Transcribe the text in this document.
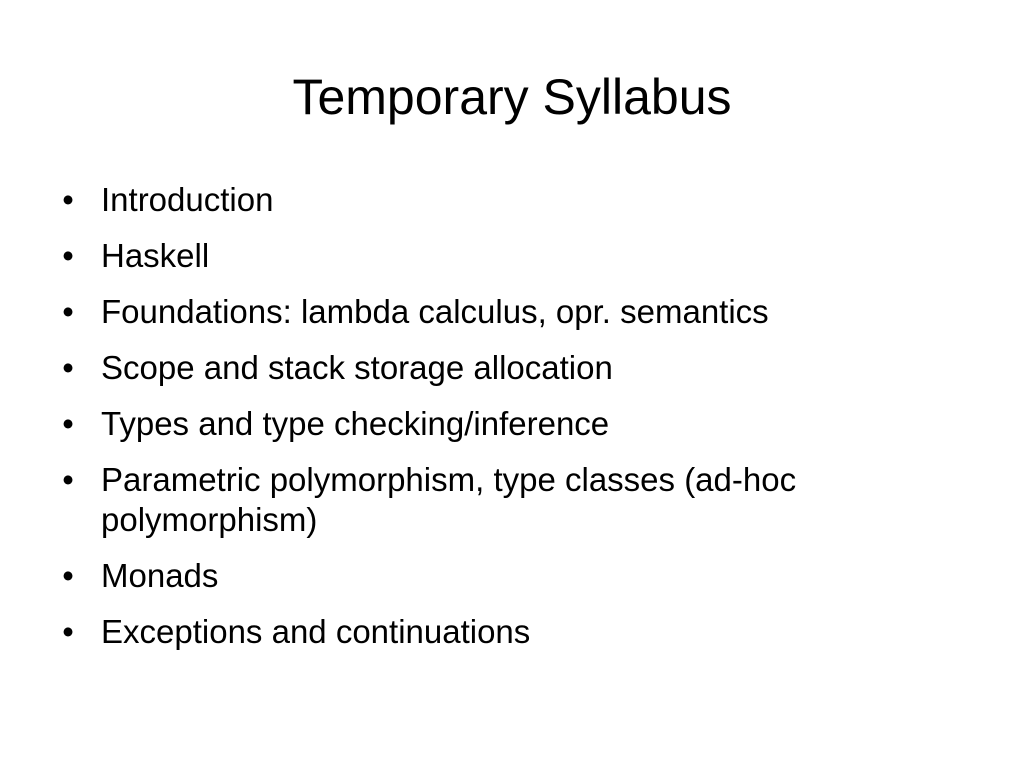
Temporary Syllabus
• Introduction
• Haskell
• Foundations: lambda calculus, opr. semantics
• Scope and stack storage allocation
• Types and type checking/inference
• Parametric polymorphism, type classes (ad-hoc polymorphism)
• Monads
• Exceptions and continuations
